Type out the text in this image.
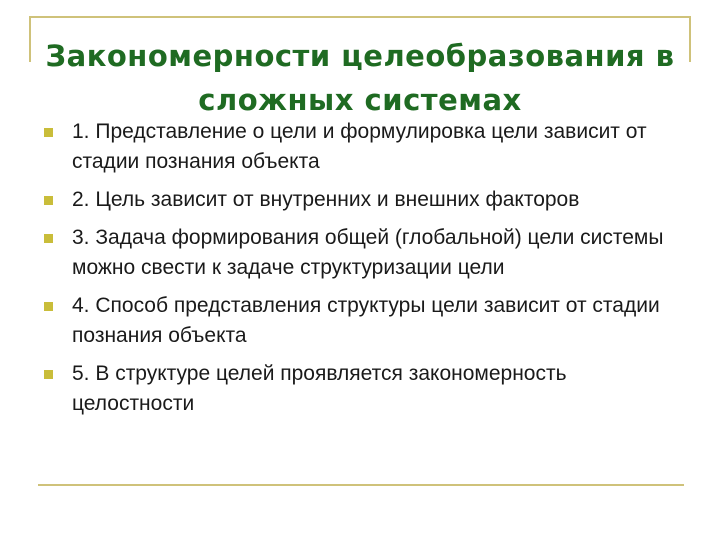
Закономерности целеобразования в сложных системах
1. Представление о цели и формулировка цели зависит от стадии познания объекта
2. Цель зависит от внутренних и внешних факторов
3. Задача формирования общей (глобальной) цели системы можно свести к задаче структуризации цели
4. Способ представления структуры цели зависит от стадии познания объекта
5. В структуре целей проявляется закономерность целостности
